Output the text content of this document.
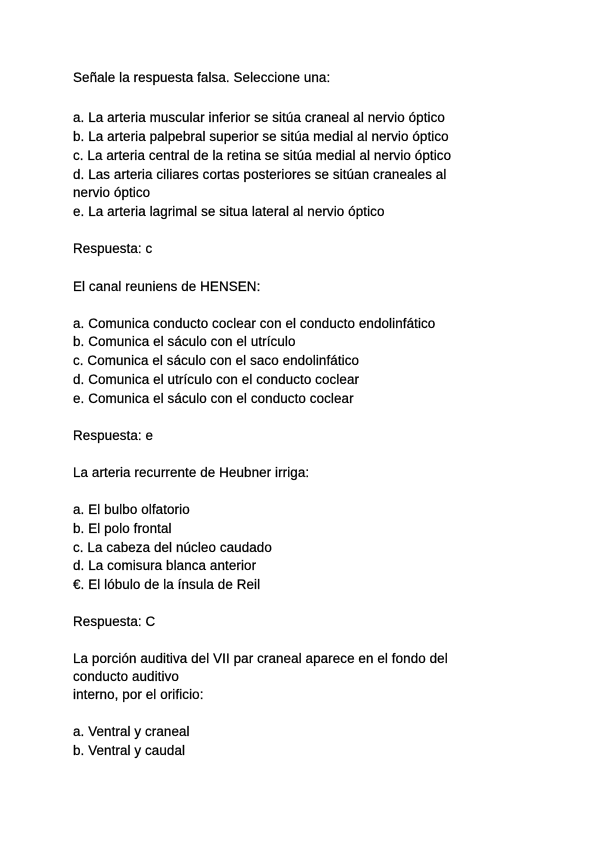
Señale la respuesta falsa. Seleccione una:
a. La arteria muscular inferior se sitúa craneal al nervio óptico
b. La arteria palpebral superior se sitúa medial al nervio óptico
c. La arteria central de la retina se sitúa medial al nervio óptico
d. Las arteria ciliares cortas posteriores se sitúan craneales al
nervio óptico
e. La arteria lagrimal se situa lateral al nervio óptico
Respuesta: c
El canal reuniens de HENSEN:
a. Comunica conducto coclear con el conducto endolinfático
b. Comunica el sáculo con el utrículo
c. Comunica el sáculo con el saco endolinfático
d. Comunica el utrículo con el conducto coclear
e. Comunica el sáculo con el conducto coclear
Respuesta: e
La arteria recurrente de Heubner irriga:
a. El bulbo olfatorio
b. El polo frontal
c. La cabeza del núcleo caudado
d. La comisura blanca anterior
€. El lóbulo de la ínsula de Reil
Respuesta: C
La porción auditiva del VII par craneal aparece en el fondo del
conducto auditivo
interno, por el orificio:
a. Ventral y craneal
b. Ventral y caudal
